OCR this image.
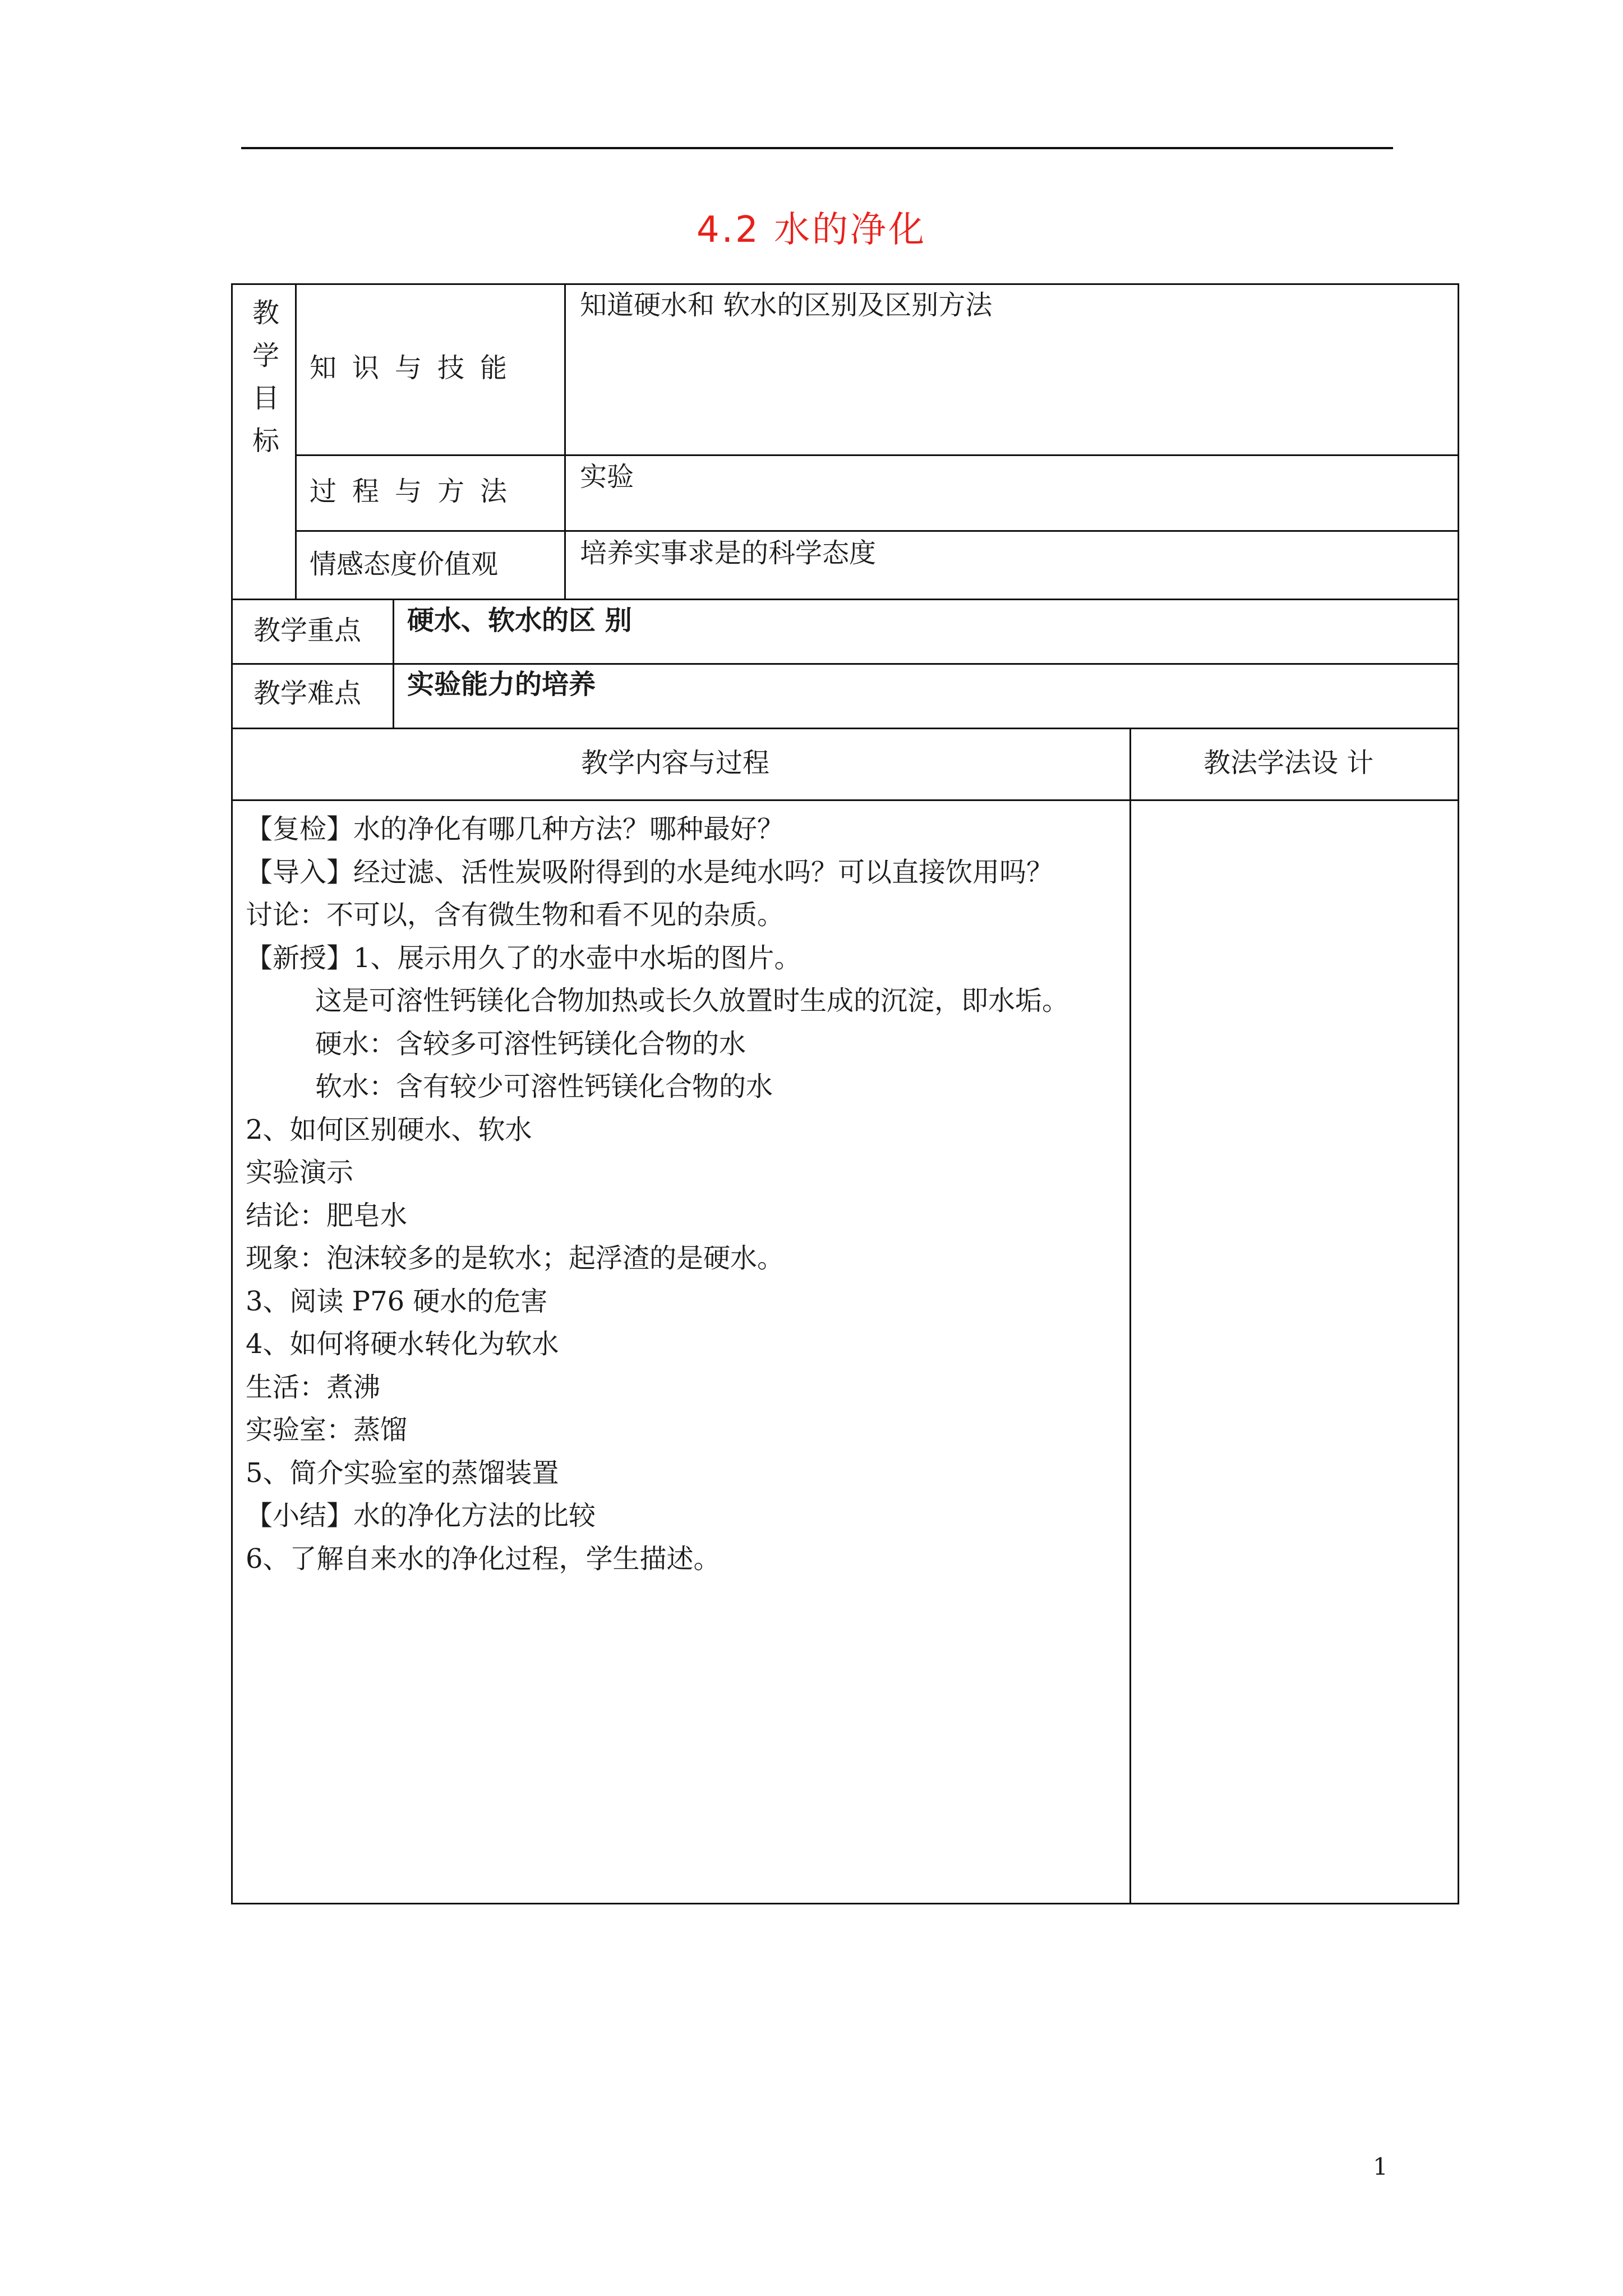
4.2 水的净化
教学目标
知识与技能
知道硬水和 软水的区别及区别方法
过程与方法 实验
情感态度价值观	培养实事求是的科学态度
教学重点 硬水、软水的区 别
教学难点 实验能力的培养
教学内容与过程	教法学法设 计
【复检】水的净化有哪几种方法？哪种最好？
【导入】经过滤、活性炭吸附得到的水是纯水吗？可以直接饮用吗？
讨论：不可以，含有微生物和看不见的杂质。
【新授】1、展示用久了的水壶中水垢的图片。
这是可溶性钙镁化合物加热或长久放置时生成的沉淀，即水垢。
硬水：含较多可溶性钙镁化合物的水
软水：含有较少可溶性钙镁化合物的水
2、如何区别硬水、软水
实验演示
结论：肥皂水
现象：泡沫较多的是软水；起浮渣的是硬水。
3、阅读 P76 硬水的危害
4、如何将硬水转化为软水
生活：煮沸
实验室：蒸馏
5、简介实验室的蒸馏装置
【小结】水的净化方法的比较
6、了解自来水的净化过程，学生描述。
1
